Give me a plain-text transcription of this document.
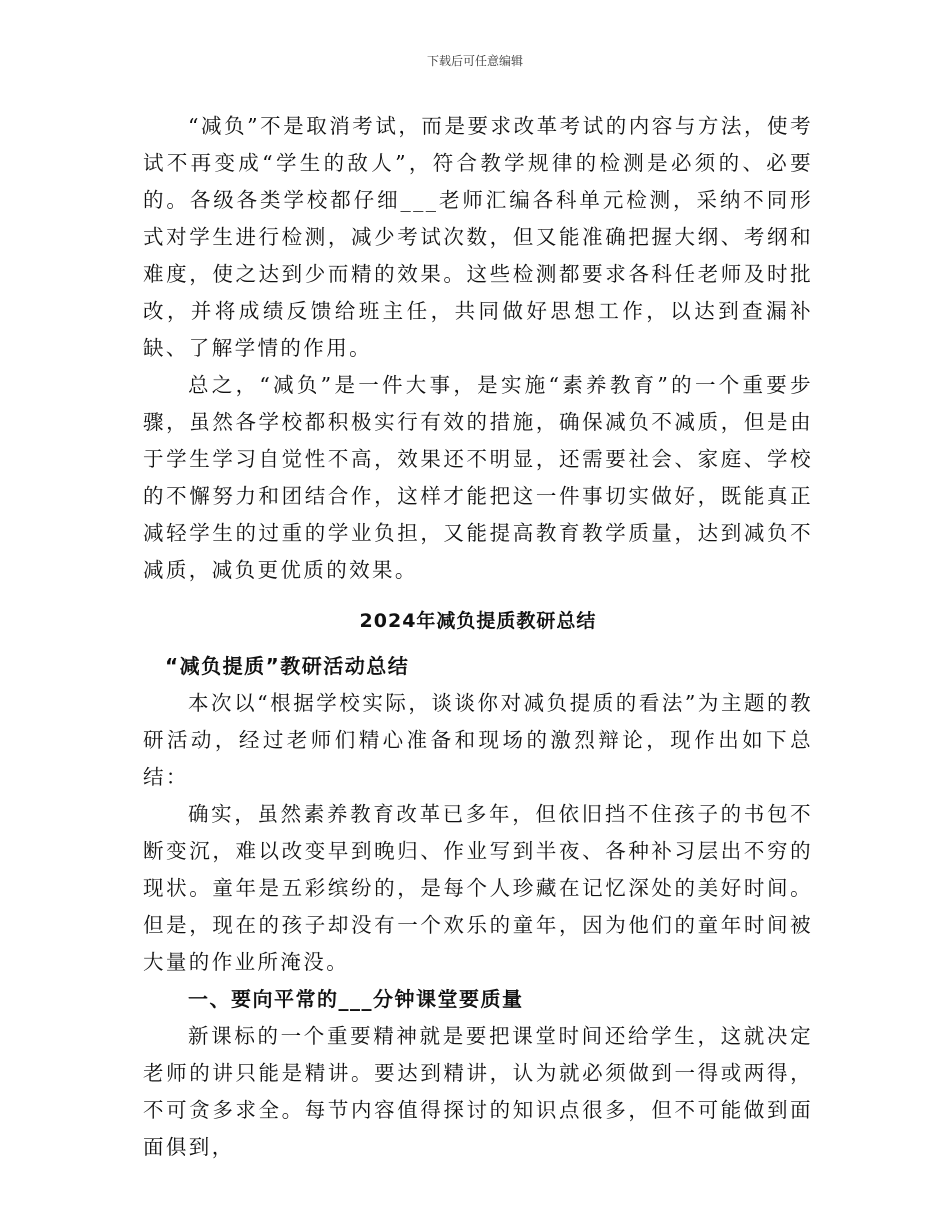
下载后可任意编辑

“减负”不是取消考试，而是要求改革考试的内容与方法，使考试不再变成“学生的敌人”，符合教学规律的检测是必须的、必要的。各级各类学校都仔细___老师汇编各科单元检测，采纳不同形式对学生进行检测，减少考试次数，但又能准确把握大纲、考纲和难度，使之达到少而精的效果。这些检测都要求各科任老师及时批改，并将成绩反馈给班主任，共同做好思想工作，以达到查漏补缺、了解学情的作用。

总之，“减负”是一件大事，是实施“素养教育”的一个重要步骤，虽然各学校都积极实行有效的措施，确保减负不减质，但是由于学生学习自觉性不高，效果还不明显，还需要社会、家庭、学校的不懈努力和团结合作，这样才能把这一件事切实做好，既能真正减轻学生的过重的学业负担，又能提高教育教学质量，达到减负不减质，减负更优质的效果。

2024年减负提质教研总结

“减负提质”教研活动总结

本次以“根据学校实际，谈谈你对减负提质的看法”为主题的教研活动，经过老师们精心准备和现场的激烈辩论，现作出如下总结：

确实，虽然素养教育改革已多年，但依旧挡不住孩子的书包不断变沉，难以改变早到晚归、作业写到半夜、各种补习层出不穷的现状。童年是五彩缤纷的，是每个人珍藏在记忆深处的美好时间。但是，现在的孩子却没有一个欢乐的童年，因为他们的童年时间被大量的作业所淹没。

一、要向平常的___分钟课堂要质量

新课标的一个重要精神就是要把课堂时间还给学生，这就决定老师的讲只能是精讲。要达到精讲，认为就必须做到一得或两得，不可贪多求全。每节内容值得探讨的知识点很多，但不可能做到面面俱到，
